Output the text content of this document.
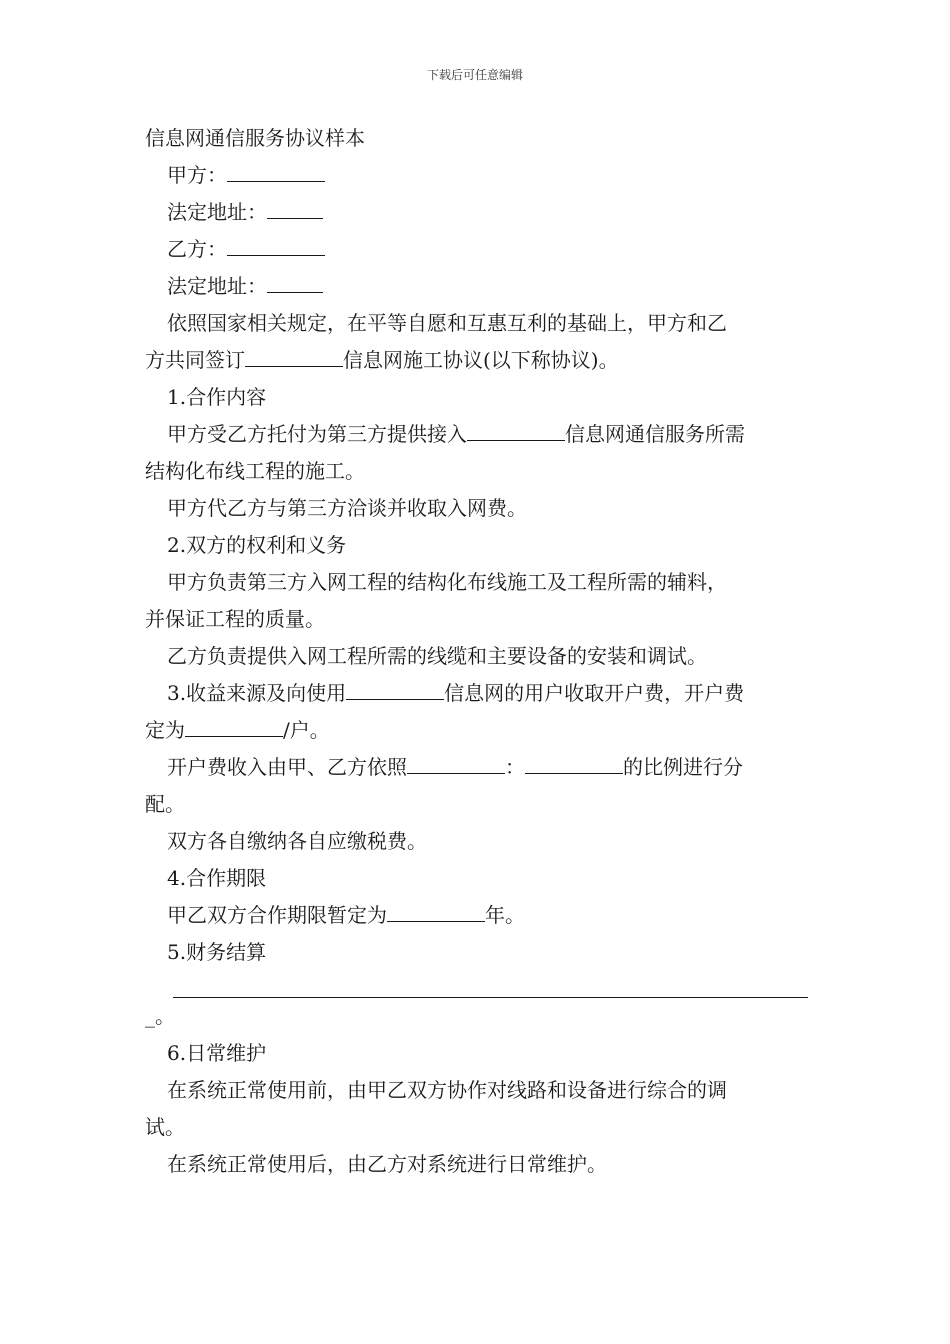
下载后可任意编辑
信息网通信服务协议样本
甲方：
法定地址：
乙方：
法定地址：
依照国家相关规定，在平等自愿和互惠互利的基础上，甲方和乙
方共同签订	信息网施工协议(以下称协议)。
1.合作内容
甲方受乙方托付为第三方提供接入	信息网通信服务所需
结构化布线工程的施工。
甲方代乙方与第三方洽谈并收取入网费。
2.双方的权利和义务
甲方负责第三方入网工程的结构化布线施工及工程所需的辅料，
并保证工程的质量。
乙方负责提供入网工程所需的线缆和主要设备的安装和调试。
3.收益来源及向使用	信息网的用户收取开户费，开户费
定为	/户。
开户费收入由甲、乙方依照	：	的比例进行分
配。
双方各自缴纳各自应缴税费。
4.合作期限
甲乙双方合作期限暂定为	年。
5.财务结算
_。
6.日常维护
在系统正常使用前，由甲乙双方协作对线路和设备进行综合的调
试。
在系统正常使用后，由乙方对系统进行日常维护。
